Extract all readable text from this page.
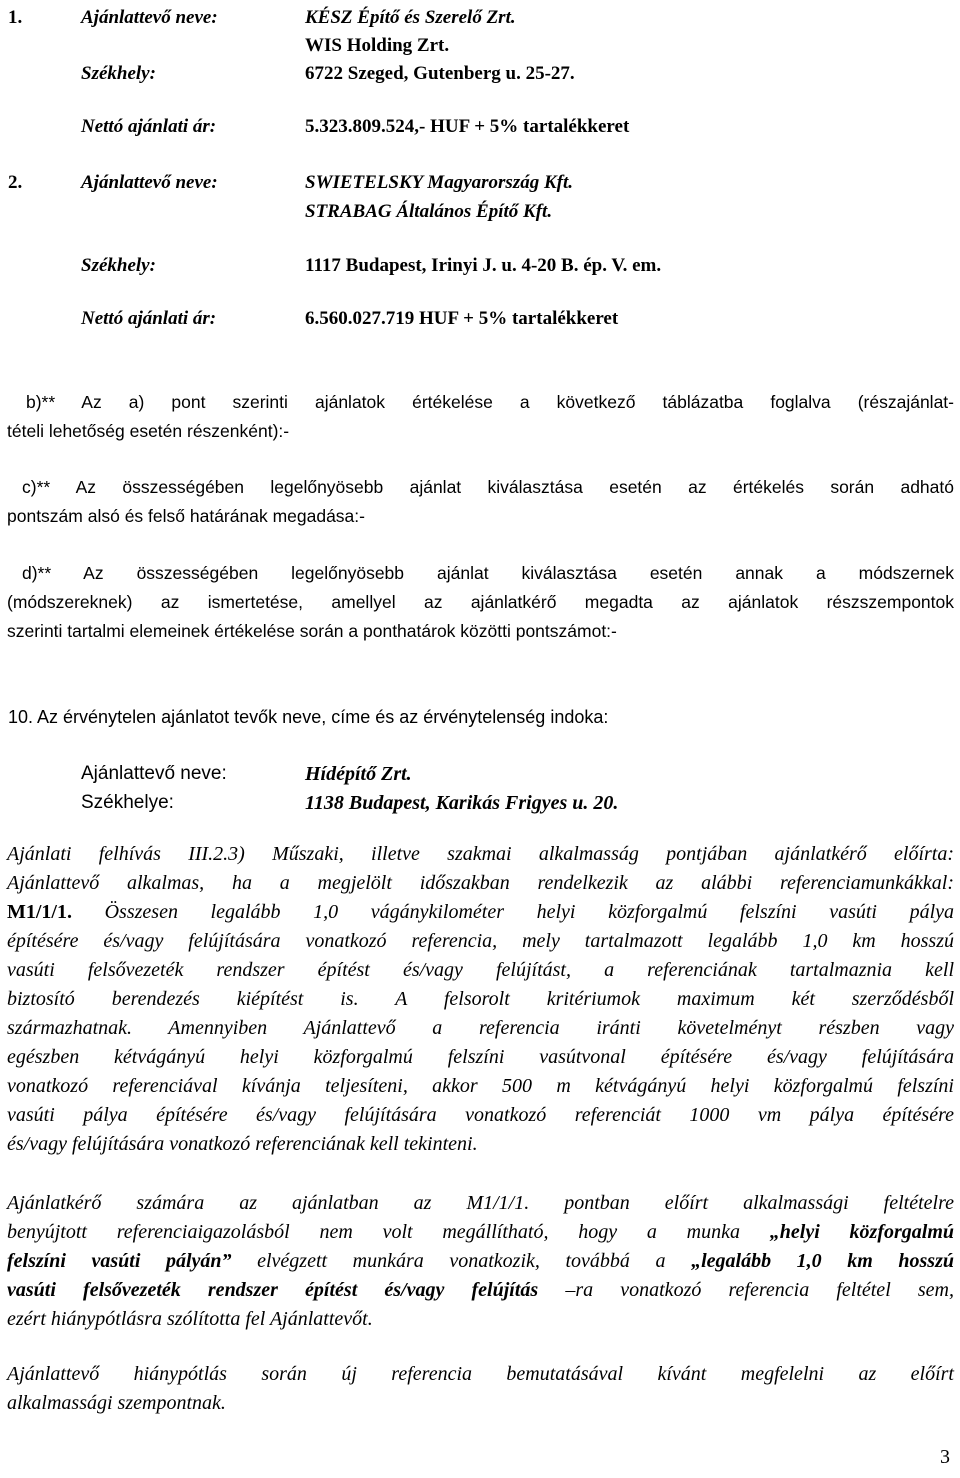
1.	Ajánlattevő neve:	KÉSZ Építő és Szerelő Zrt.
WIS Holding Zrt.
Székhely:	6722 Szeged, Gutenberg u. 25-27.
Nettó ajánlati ár:	5.323.809.524,- HUF + 5% tartalékkeret
2.	Ajánlattevő neve:	SWIETELSKY Magyarország Kft.
STRABAG Általános Építő Kft.
Székhely:	1117 Budapest, Irinyi J. u. 4-20 B. ép. V. em.
Nettó ajánlati ár:	6.560.027.719 HUF + 5% tartalékkeret
b)** Az a) pont szerinti ajánlatok értékelése a következő táblázatba foglalva (részajánlat-
tételi lehetőség esetén részenként):-
c)** Az összességében legelőnyösebb ajánlat kiválasztása esetén az értékelés során adható
pontszám alsó és felső határának megadása:-
d)** Az összességében legelőnyösebb ajánlat kiválasztása esetén annak a módszernek
(módszereknek) az ismertetése, amellyel az ajánlatkérő megadta az ajánlatok részszempontok
szerinti tartalmi elemeinek értékelése során a ponthatárok közötti pontszámot:-
10. Az érvénytelen ajánlatot tevők neve, címe és az érvénytelenség indoka:
Ajánlattevő neve:	Hídépítő Zrt.
Székhelye:	1138 Budapest, Karikás Frigyes u. 20.
Ajánlati felhívás III.2.3) Műszaki, illetve szakmai alkalmasság pontjában ajánlatkérő előírta:
Ajánlattevő alkalmas, ha a megjelölt időszakban rendelkezik az alábbi referenciamunkákkal:
M1/1/1. Összesen legalább 1,0 vágánykilométer helyi közforgalmú felszíni vasúti pálya
építésére és/vagy felújítására vonatkozó referencia, mely tartalmazott legalább 1,0 km hosszú
vasúti felsővezeték rendszer építést és/vagy felújítást, a referenciának tartalmaznia kell
biztosító berendezés kiépítést is. A felsorolt kritériumok maximum két szerződésből
származhatnak. Amennyiben Ajánlattevő a referencia iránti követelményt részben vagy
egészben kétvágányú helyi közforgalmú felszíni vasútvonal építésére és/vagy felújítására
vonatkozó referenciával kívánja teljesíteni, akkor 500 m kétvágányú helyi közforgalmú felszíni
vasúti pálya építésére és/vagy felújítására vonatkozó referenciát 1000 vm pálya építésére
és/vagy felújítására vonatkozó referenciának kell tekinteni.
Ajánlatkérő számára az ajánlatban az M1/1/1. pontban előírt alkalmassági feltételre
benyújtott referenciaigazolásból nem volt megállítható, hogy a munka „helyi közforgalmú
felszíni vasúti pályán” elvégzett munkára vonatkozik, továbbá a „legalább 1,0 km hosszú
vasúti felsővezeték rendszer építést és/vagy felújítás –ra vonatkozó referencia feltétel sem,
ezért hiánypótlásra szólította fel Ajánlattevőt.
Ajánlattevő hiánypótlás során új referencia bemutatásával kívánt megfelelni az előírt
alkalmassági szempontnak.
3
